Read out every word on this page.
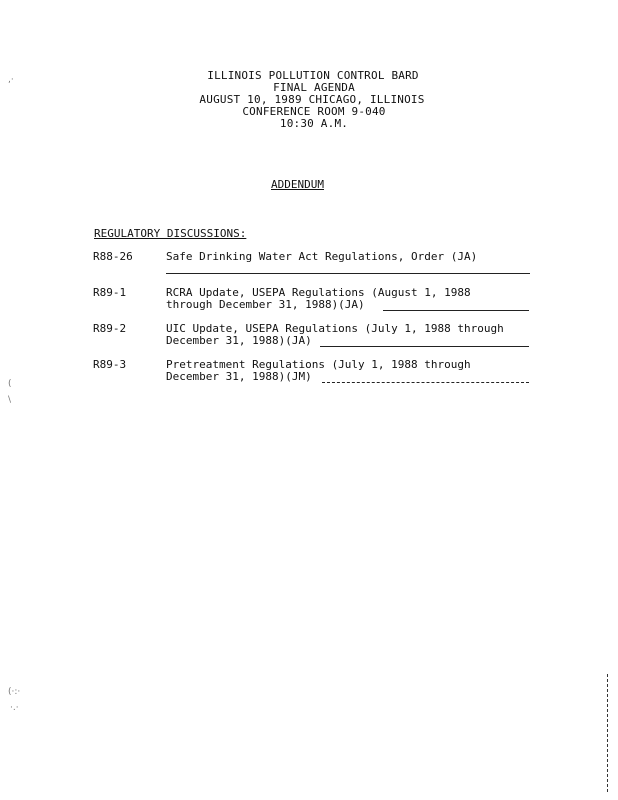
ILLINOIS POLLUTION CONTROL BARD
FINAL AGENDA
AUGUST 10, 1989 CHICAGO, ILLINOIS
CONFERENCE ROOM 9-040
10:30 A.M.
ADDENDUM
REGULATORY DISCUSSIONS:
R88-26	Safe Drinking Water Act Regulations, Order (JA)
R89-1	RCRA Update, USEPA Regulations (August 1, 1988
through December 31, 1988)(JA)
R89-2	UIC Update, USEPA Regulations (July 1, 1988 through
December 31, 1988)(JA)
R89-3	Pretreatment Regulations (July 1, 1988 through
December 31, 1988)(JM)
,·
(
\
(·:·
·.·
